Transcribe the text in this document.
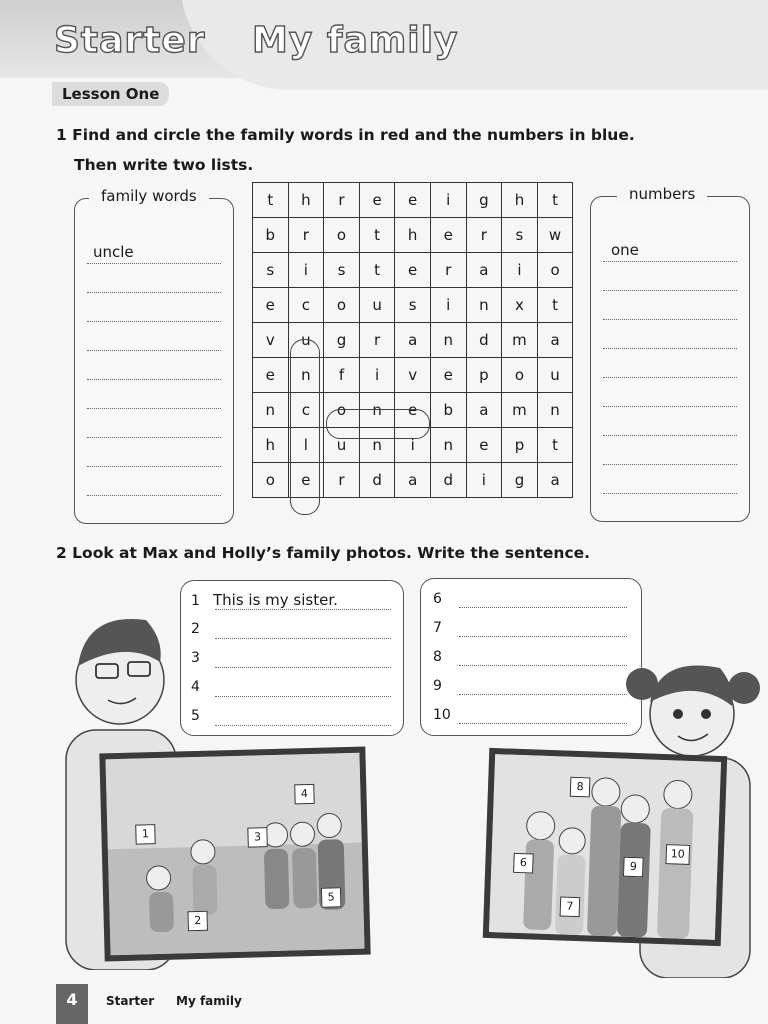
Starter My family
Lesson One
1 Find and circle the family words in red and the numbers in blue.
Then write two lists.
family words
uncle
t	h	r	e	e	i	g	h	t
b	r	o	t	h	e	r	s	w
s	i	s	t	e	r	a	i	o
e	c	o	u	s	i	n	x	t
v	u	g	r	a	n	d	m	a
e	n	f	i	v	e	p	o	u
n	c	o	n	e	b	a	m	n
h	l	u	n	i	n	e	p	t
o	e	r	d	a	d	i	g	a
numbers
one
2 Look at Max and Holly’s family photos. Write the sentence.
1 This is my sister.
2
3
4
5
6
7
8
9
10
1
2
3
4
5
6
7
8
9
10
4	Starter My family
